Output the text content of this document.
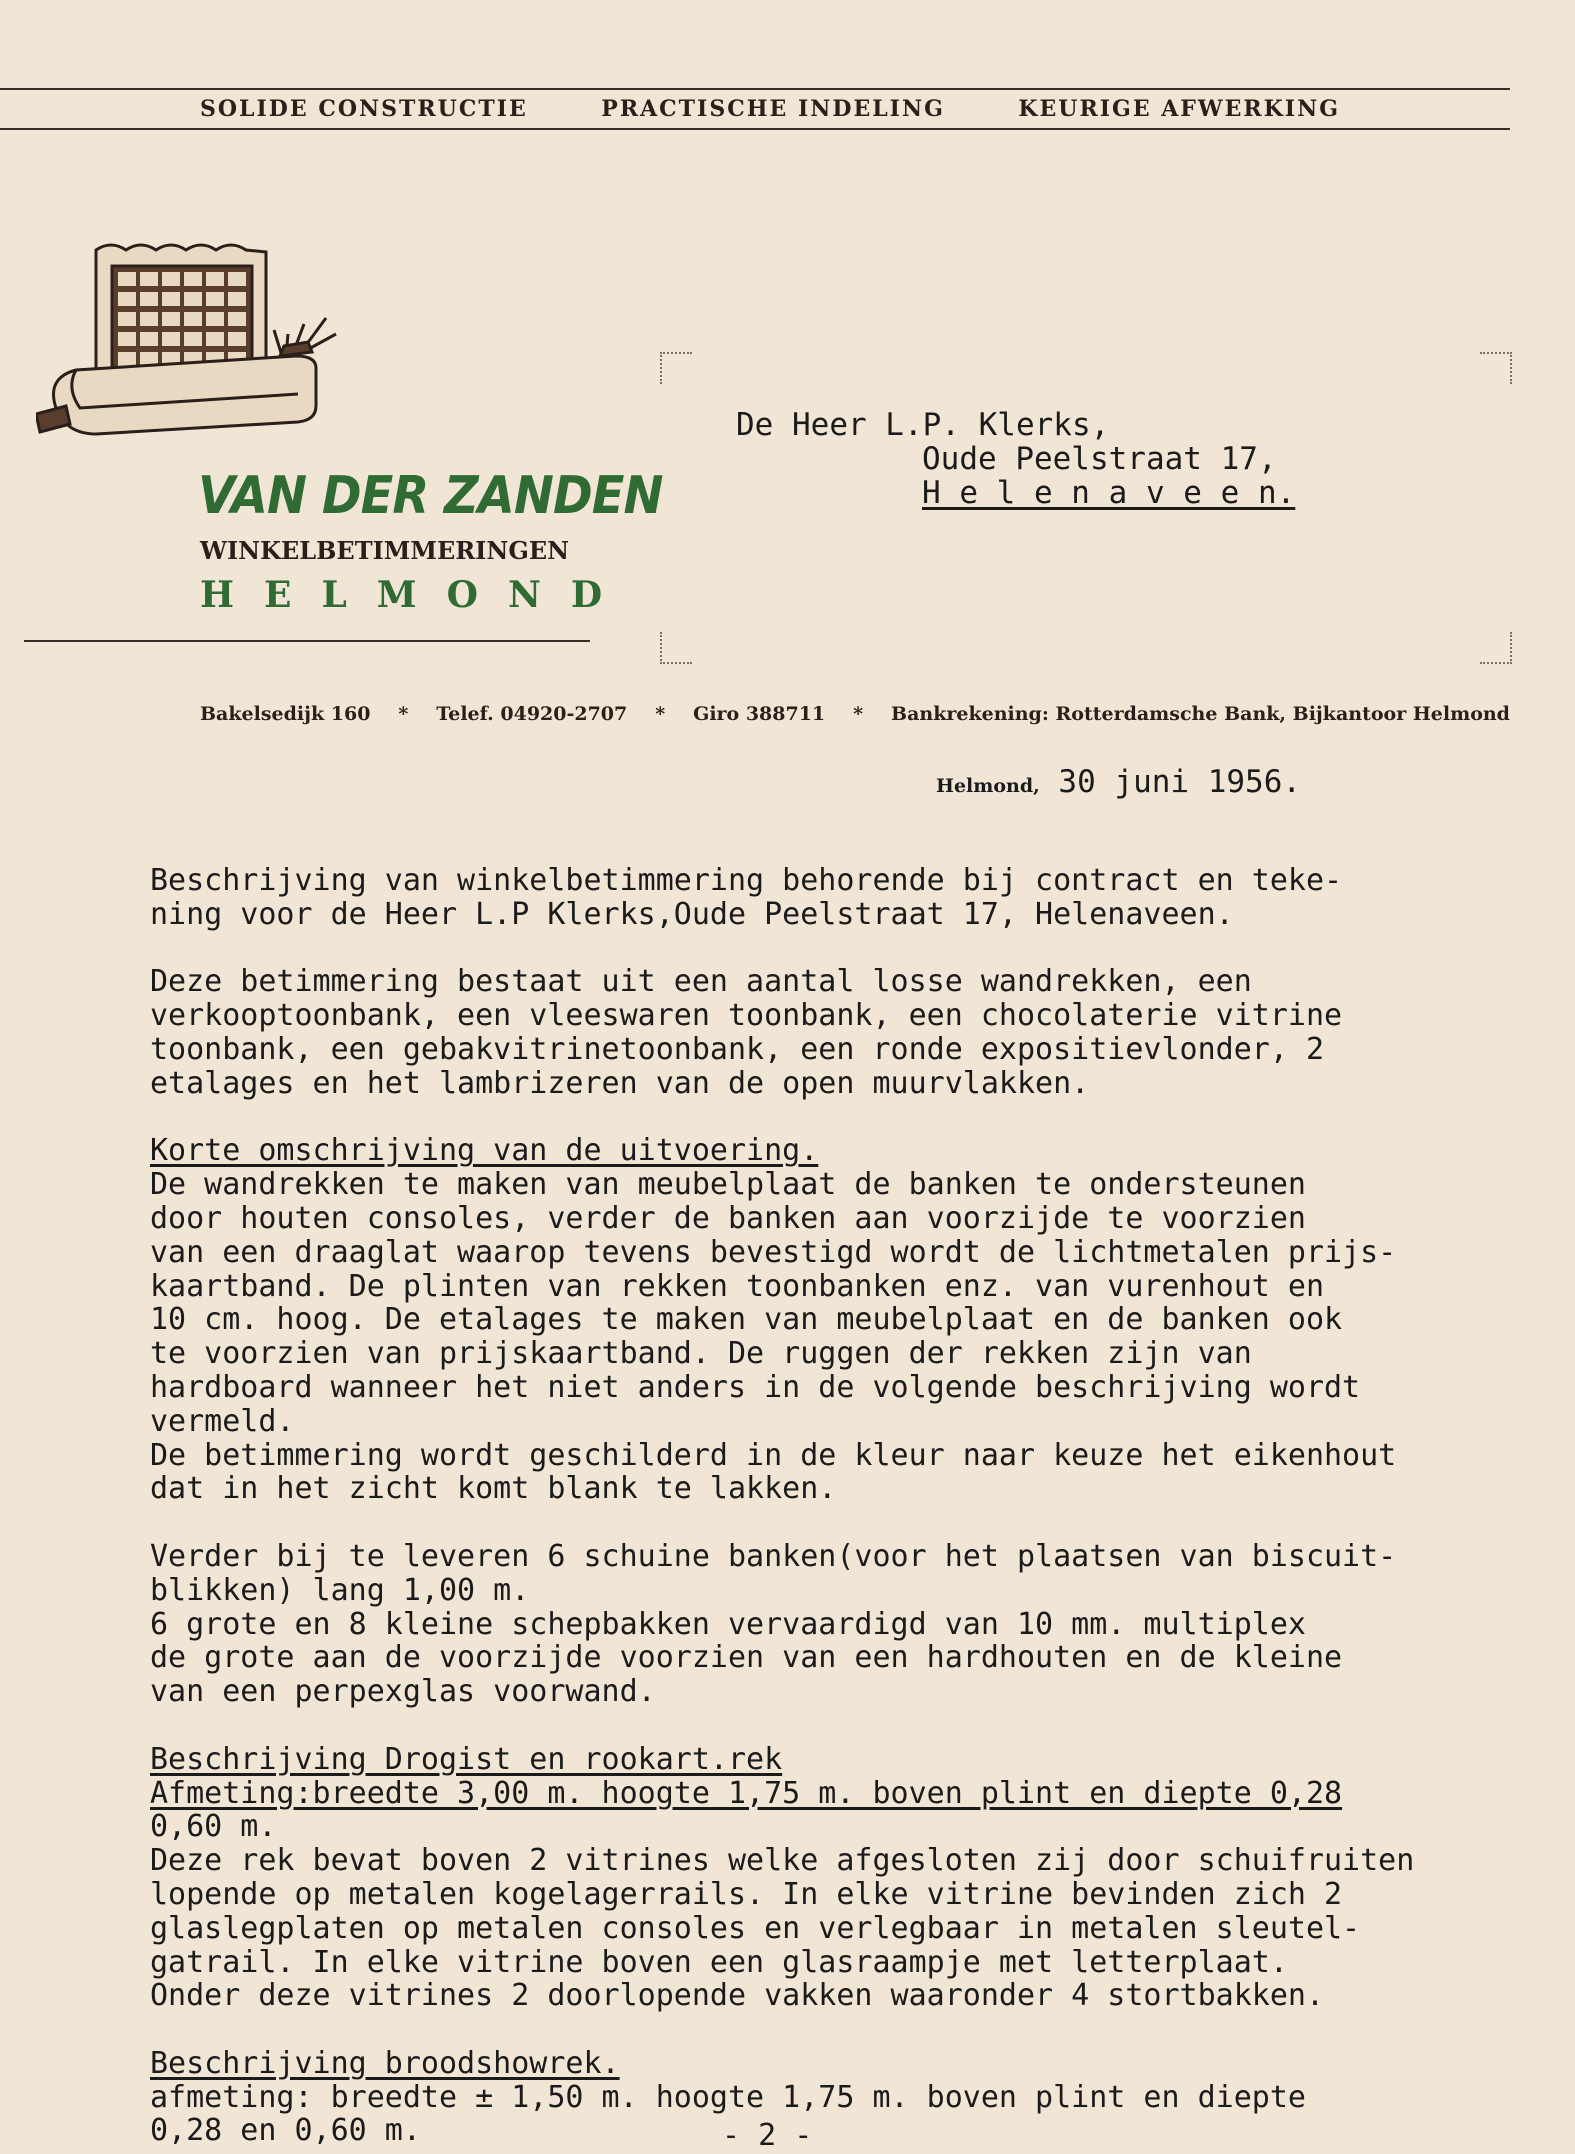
SOLIDE CONSTRUCTIE	PRACTISCHE INDELING	KEURIGE AFWERKING
VAN DER ZANDEN
WINKELBETIMMERINGEN
HELMOND
De Heer L.P. Klerks,
Oude Peelstraat 17,
H e l e n a v e e n.
Bakelsedijk 160 * Telef. 04920-2707 * Giro 388711 * Bankrekening: Rotterdamsche Bank, Bijkantoor Helmond
Helmond, 30 juni 1956.

Beschrijving van winkelbetimmering behorende bij contract en teke-

ning voor de Heer L.P Klerks,Oude Peelstraat 17, Helenaveen.

Deze betimmering bestaat uit een aantal losse wandrekken, een

verkooptoonbank, een vleeswaren toonbank, een chocolaterie vitrine

toonbank, een gebakvitrinetoonbank, een ronde expositievlonder, 2

etalages en het lambrizeren van de open muurvlakken.

Korte omschrijving van de uitvoering.

De wandrekken te maken van meubelplaat de banken te ondersteunen

door houten consoles, verder de banken aan voorzijde te voorzien

van een draaglat waarop tevens bevestigd wordt de lichtmetalen prijs-

kaartband. De plinten van rekken toonbanken enz. van vurenhout en

10 cm. hoog. De etalages te maken van meubelplaat en de banken ook

te voorzien van prijskaartband. De ruggen der rekken zijn van

hardboard wanneer het niet anders in de volgende beschrijving wordt

vermeld.

De betimmering wordt geschilderd in de kleur naar keuze het eikenhout

dat in het zicht komt blank te lakken.

Verder bij te leveren 6 schuine banken(voor het plaatsen van biscuit-

blikken) lang 1,00 m.

6 grote en 8 kleine schepbakken vervaardigd van 10 mm. multiplex

de grote aan de voorzijde voorzien van een hardhouten en de kleine

van een perpexglas voorwand.

Beschrijving Drogist en rookart.rek

Afmeting:breedte 3,00 m. hoogte 1,75 m. boven plint en diepte 0,28

0,60 m.

Deze rek bevat boven 2 vitrines welke afgesloten zij door schuifruiten

lopende op metalen kogelagerrails. In elke vitrine bevinden zich 2

glaslegplaten op metalen consoles en verlegbaar in metalen sleutel-

gatrail. In elke vitrine boven een glasraampje met letterplaat.

Onder deze vitrines 2 doorlopende vakken waaronder 4 stortbakken.

Beschrijving broodshowrek.

afmeting: breedte ± 1,50 m. hoogte 1,75 m. boven plint en diepte

0,28 en 0,60 m.	- 2 -
